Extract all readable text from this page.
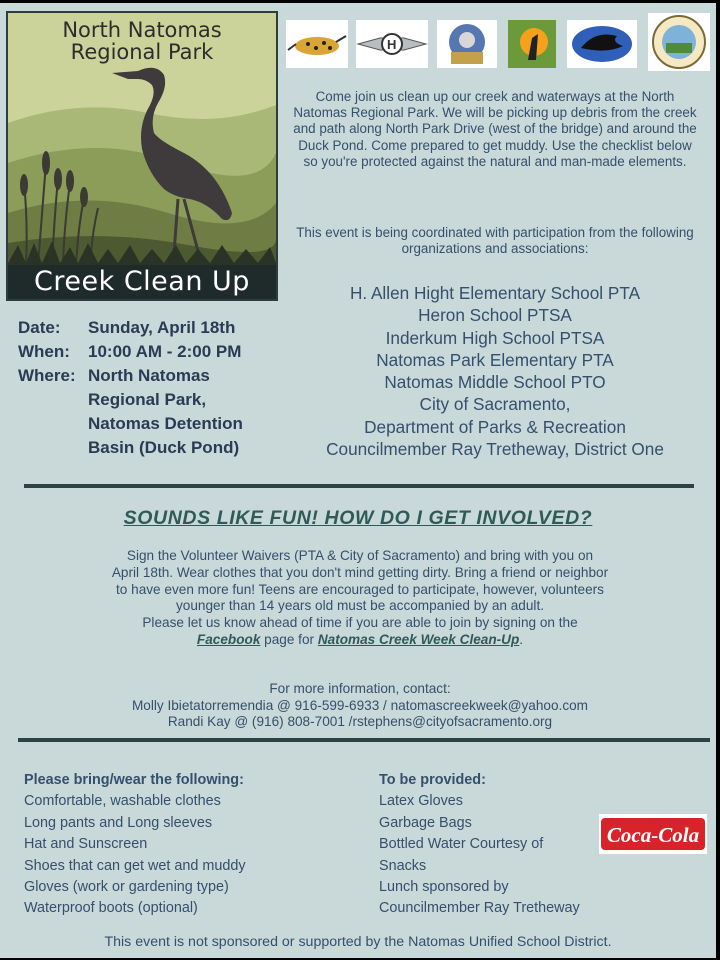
North Natomas
Regional Park
Creek Clean Up
H
Come join us clean up our creek and waterways at the North Natomas Regional Park. We will be picking up debris from the creek and path along North Park Drive (west of the bridge) and around the Duck Pond. Come prepared to get muddy. Use the checklist below so you're protected against the natural and man-made elements.
This event is being coordinated with participation from the following organizations and associations:
H. Allen Hight Elementary School PTA
Heron School PTSA
Inderkum High School PTSA
Natomas Park Elementary PTA
Natomas Middle School PTO
City of Sacramento,
Department of Parks & Recreation
Councilmember Ray Tretheway, District One
Date: Sunday, April 18th
When: 10:00 AM - 2:00 PM
Where: North Natomas
Regional Park,
Natomas Detention
Basin (Duck Pond)
SOUNDS LIKE FUN! HOW DO I GET INVOLVED?
Sign the Volunteer Waivers (PTA & City of Sacramento) and bring with you on
April 18th. Wear clothes that you don't mind getting dirty. Bring a friend or neighbor
to have even more fun! Teens are encouraged to participate, however, volunteers
younger than 14 years old must be accompanied by an adult.
Please let us know ahead of time if you are able to join by signing on the
Facebook page for Natomas Creek Week Clean-Up.
For more information, contact:
Molly Ibietatorremendia @ 916-599-6933 / natomascreekweek@yahoo.com
Randi Kay @ (916) 808-7001 /rstephens@cityofsacramento.org
Please bring/wear the following:
Comfortable, washable clothes
Long pants and Long sleeves
Hat and Sunscreen
Shoes that can get wet and muddy
Gloves (work or gardening type)
Waterproof boots (optional)
To be provided:
Latex Gloves
Garbage Bags
Bottled Water Courtesy of
Snacks
Lunch sponsored by
Councilmember Ray Tretheway
Coca-Cola
This event is not sponsored or supported by the Natomas Unified School District.
